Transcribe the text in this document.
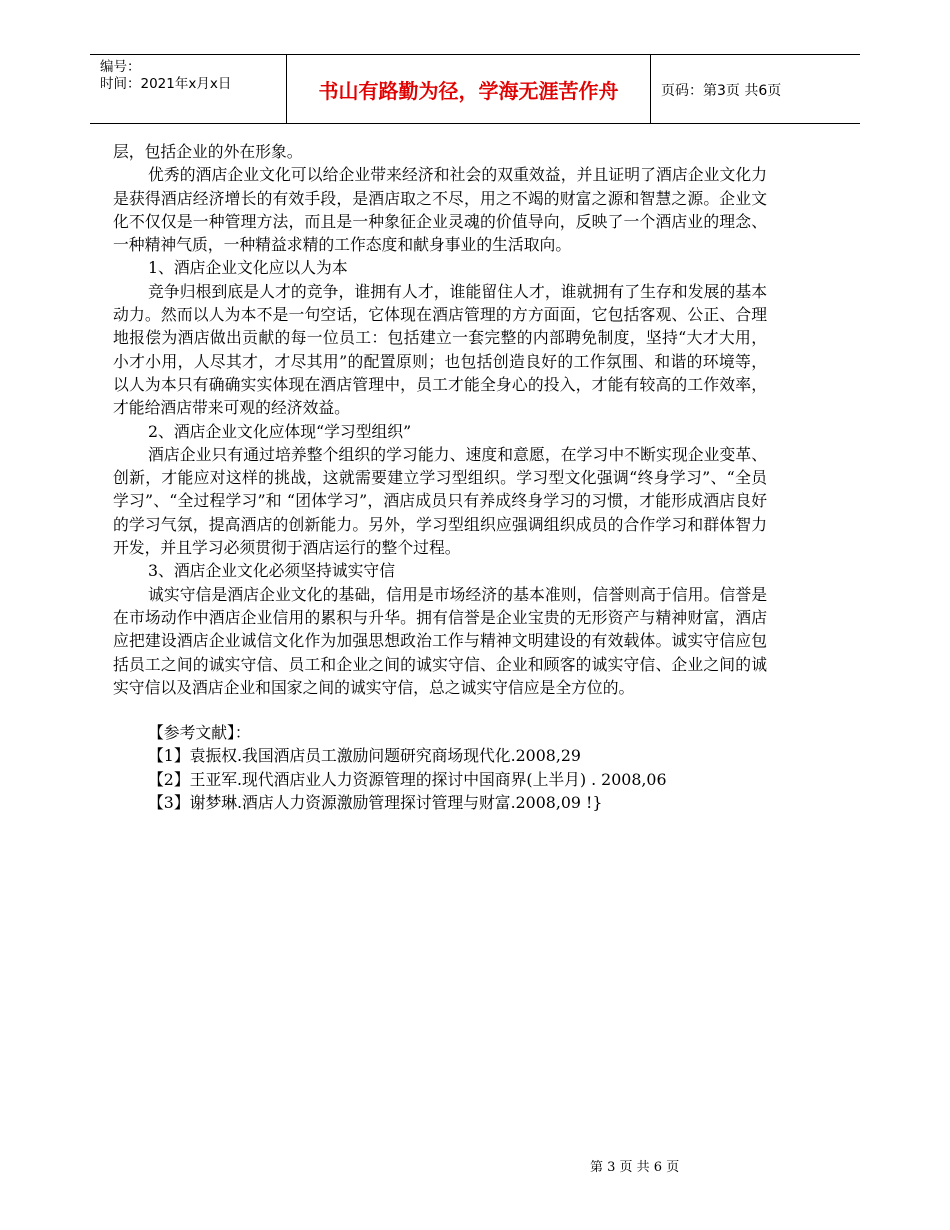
编号：
时间：2021年x月x日	书山有路勤为径，学海无涯苦作舟	页码：第3页 共6页

层，包括企业的外在形象。

优秀的酒店企业文化可以给企业带来经济和社会的双重效益，并且证明了酒店企业文化力是获得酒店经济增长的有效手段，是酒店取之不尽，用之不竭的财富之源和智慧之源。企业文化不仅仅是一种管理方法，而且是一种象征企业灵魂的价值导向，反映了一个酒店业的理念、一种精神气质，一种精益求精的工作态度和献身事业的生活取向。

1、酒店企业文化应以人为本

竞争归根到底是人才的竞争，谁拥有人才，谁能留住人才，谁就拥有了生存和发展的基本动力。然而以人为本不是一句空话，它体现在酒店管理的方方面面，它包括客观、公正、合理地报偿为酒店做出贡献的每一位员工：包括建立一套完整的内部聘免制度，坚持“大才大用，小才小用，人尽其才，才尽其用”的配置原则；也包括创造良好的工作氛围、和谐的环境等，以人为本只有确确实实体现在酒店管理中，员工才能全身心的投入，才能有较高的工作效率，才能给酒店带来可观的经济效益。

2、酒店企业文化应体现“学习型组织”

酒店企业只有通过培养整个组织的学习能力、速度和意愿，在学习中不断实现企业变革、创新，才能应对这样的挑战，这就需要建立学习型组织。学习型文化强调“终身学习”、“全员学习”、“全过程学习”和 “团体学习”，酒店成员只有养成终身学习的习惯，才能形成酒店良好的学习气氛，提高酒店的创新能力。另外，学习型组织应强调组织成员的合作学习和群体智力开发，并且学习必须贯彻于酒店运行的整个过程。

3、酒店企业文化必须坚持诚实守信

诚实守信是酒店企业文化的基础，信用是市场经济的基本准则，信誉则高于信用。信誉是在市场动作中酒店企业信用的累积与升华。拥有信誉是企业宝贵的无形资产与精神财富，酒店应把建设酒店企业诚信文化作为加强思想政治工作与精神文明建设的有效载体。诚实守信应包括员工之间的诚实守信、员工和企业之间的诚实守信、企业和顾客的诚实守信、企业之间的诚实守信以及酒店企业和国家之间的诚实守信，总之诚实守信应是全方位的。

【参考文献】：

【1】袁振权.我国酒店员工激励问题研究商场现代化.2008,29

【2】王亚军.现代酒店业人力资源管理的探讨中国商界(上半月) . 2008,06

【3】谢梦琳.酒店人力资源激励管理探讨管理与财富.2008,09 !}

第 3 页 共 6 页
